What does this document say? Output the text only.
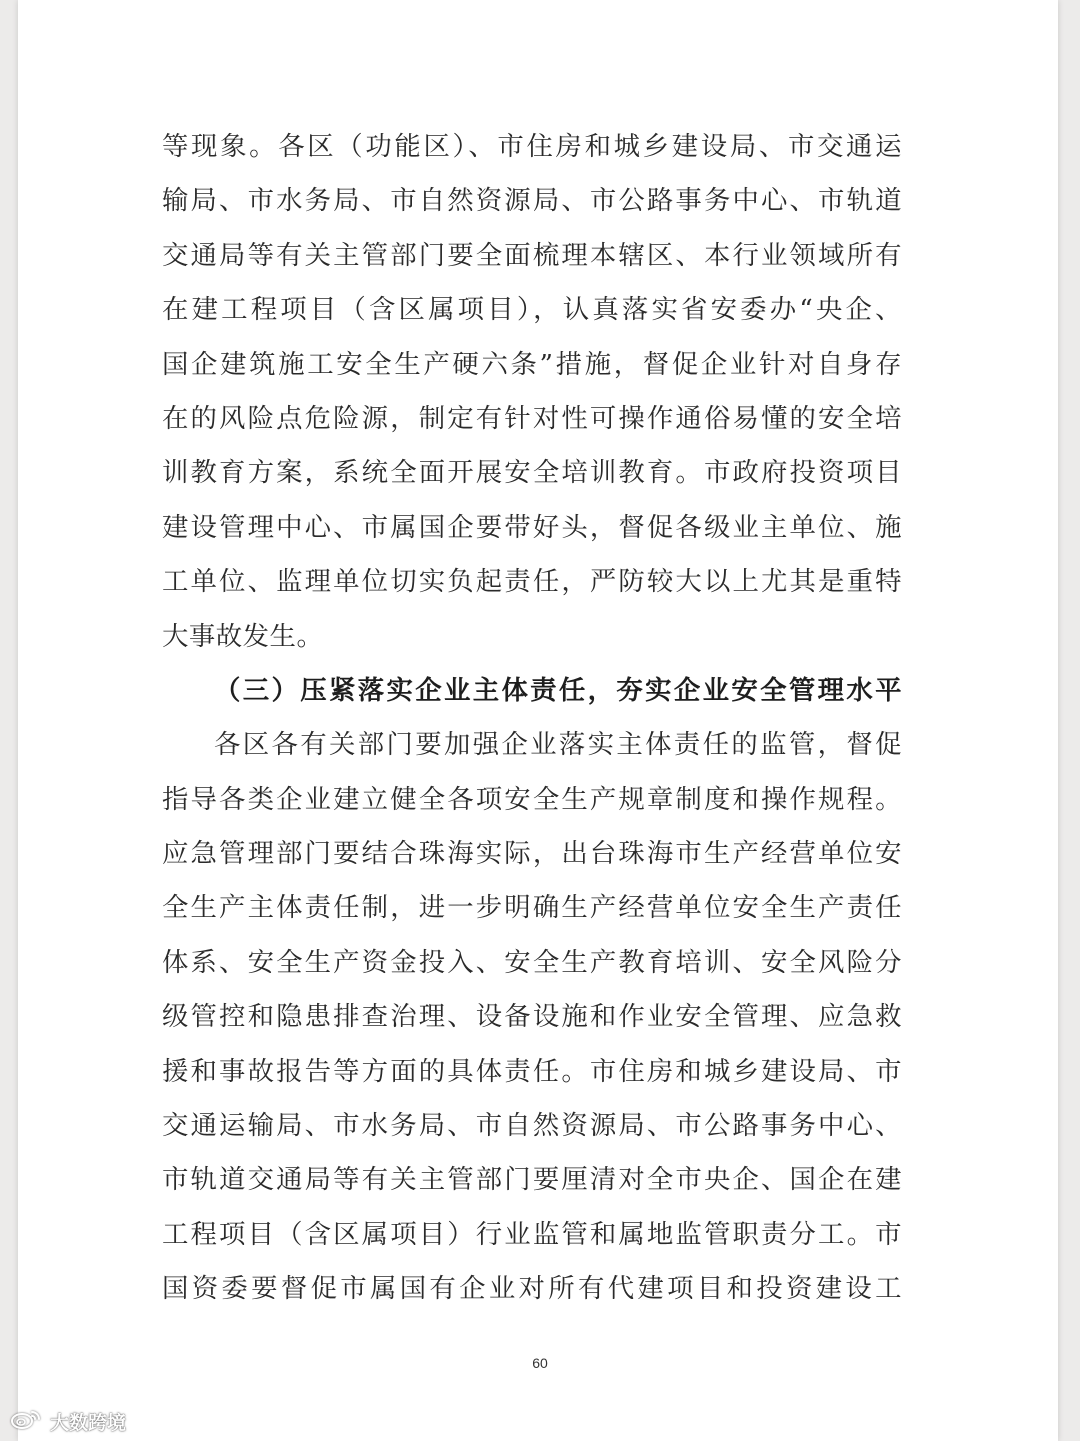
等现象。各区（功能区）、市住房和城乡建设局、市交通运
输局、市水务局、市自然资源局、市公路事务中心、市轨道
交通局等有关主管部门要全面梳理本辖区、本行业领域所有
在建工程项目（含区属项目），认真落实省安委办“央企、
国企建筑施工安全生产硬六条”措施，督促企业针对自身存
在的风险点危险源，制定有针对性可操作通俗易懂的安全培
训教育方案，系统全面开展安全培训教育。市政府投资项目
建设管理中心、市属国企要带好头，督促各级业主单位、施
工单位、监理单位切实负起责任，严防较大以上尤其是重特
大事故发生。
（三）压紧落实企业主体责任，夯实企业安全管理水平
各区各有关部门要加强企业落实主体责任的监管，督促
指导各类企业建立健全各项安全生产规章制度和操作规程。
应急管理部门要结合珠海实际，出台珠海市生产经营单位安
全生产主体责任制，进一步明确生产经营单位安全生产责任
体系、安全生产资金投入、安全生产教育培训、安全风险分
级管控和隐患排查治理、设备设施和作业安全管理、应急救
援和事故报告等方面的具体责任。市住房和城乡建设局、市
交通运输局、市水务局、市自然资源局、市公路事务中心、
市轨道交通局等有关主管部门要厘清对全市央企、国企在建
工程项目（含区属项目）行业监管和属地监管职责分工。市
国资委要督促市属国有企业对所有代建项目和投资建设工
60
大数跨境
